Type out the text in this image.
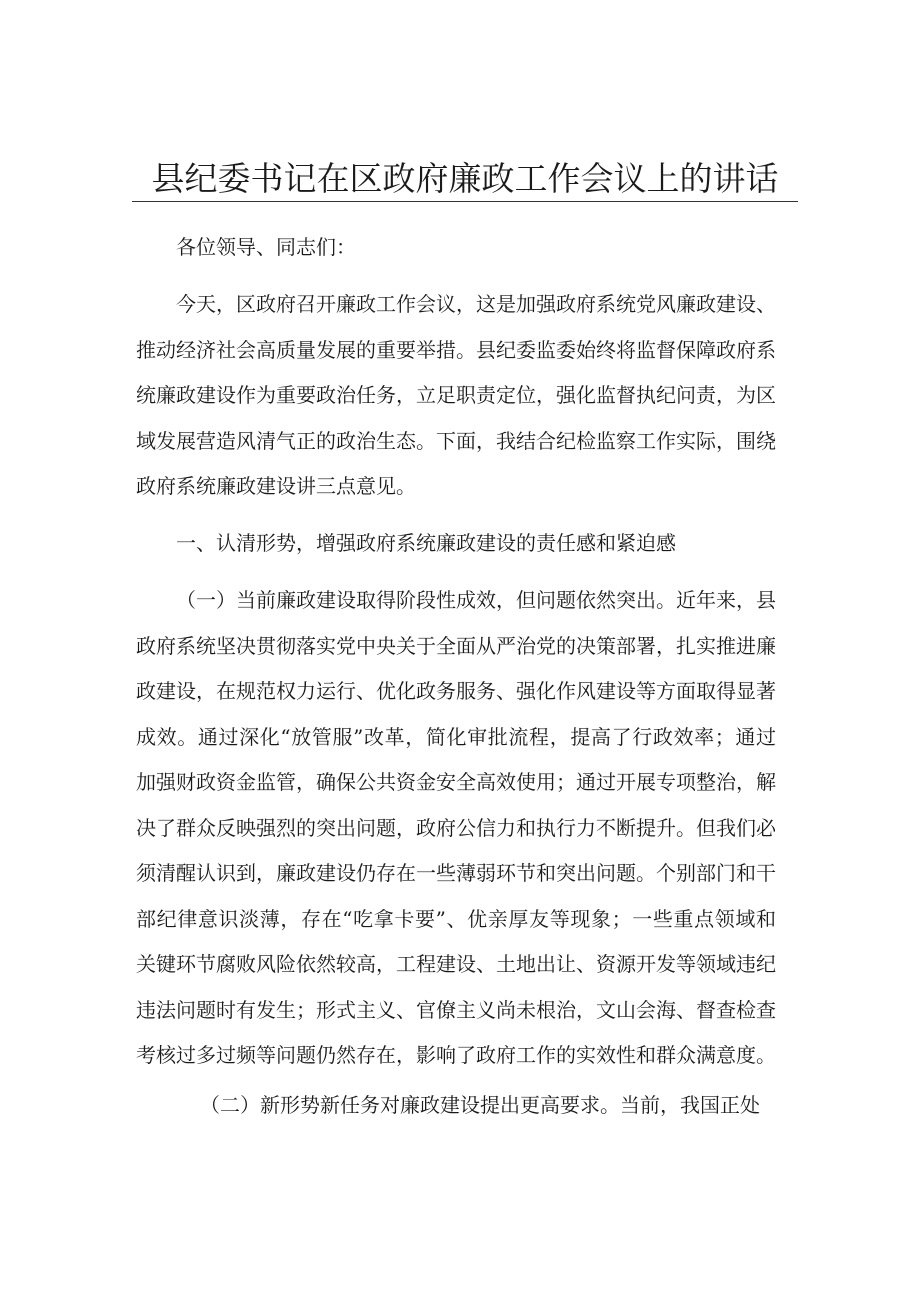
县纪委书记在区政府廉政工作会议上的讲话

各位领导、同志们：

今天，区政府召开廉政工作会议，这是加强政府系统党风廉政建设、推动经济社会高质量发展的重要举措。县纪委监委始终将监督保障政府系统廉政建设作为重要政治任务，立足职责定位，强化监督执纪问责，为区域发展营造风清气正的政治生态。下面，我结合纪检监察工作实际，围绕政府系统廉政建设讲三点意见。

一、认清形势，增强政府系统廉政建设的责任感和紧迫感

（一）当前廉政建设取得阶段性成效，但问题依然突出。近年来，县政府系统坚决贯彻落实党中央关于全面从严治党的决策部署，扎实推进廉政建设，在规范权力运行、优化政务服务、强化作风建设等方面取得显著成效。通过深化“放管服”改革，简化审批流程，提高了行政效率；通过加强财政资金监管，确保公共资金安全高效使用；通过开展专项整治，解决了群众反映强烈的突出问题，政府公信力和执行力不断提升。但我们必须清醒认识到，廉政建设仍存在一些薄弱环节和突出问题。个别部门和干部纪律意识淡薄，存在“吃拿卡要”、优亲厚友等现象；一些重点领域和关键环节腐败风险依然较高，工程建设、土地出让、资源开发等领域违纪违法问题时有发生；形式主义、官僚主义尚未根治，文山会海、督查检查考核过多过频等问题仍然存在，影响了政府工作的实效性和群众满意度。

（二）新形势新任务对廉政建设提出更高要求。当前，我国正处
